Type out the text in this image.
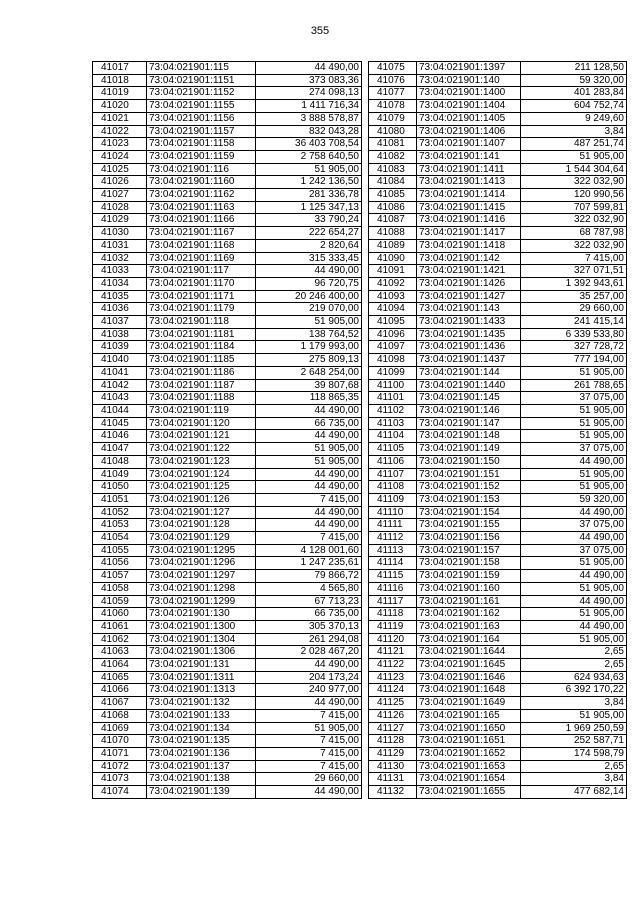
355
41017	73:04:021901:115	44 490,00
41018	73:04:021901:1151	373 083,36
41019	73:04:021901:1152	274 098,13
41020	73:04:021901:1155	1 411 716,34
41021	73:04:021901:1156	3 888 578,87
41022	73:04:021901:1157	832 043,28
41023	73:04:021901:1158	36 403 708,54
41024	73:04:021901:1159	2 758 640,50
41025	73:04:021901:116	51 905,00
41026	73:04:021901:1160	1 242 136,50
41027	73:04:021901:1162	281 336,78
41028	73:04:021901:1163	1 125 347,13
41029	73:04:021901:1166	33 790,24
41030	73:04:021901:1167	222 654,27
41031	73:04:021901:1168	2 820,64
41032	73:04:021901:1169	315 333,45
41033	73:04:021901:117	44 490,00
41034	73:04:021901:1170	96 720,75
41035	73:04:021901:1171	20 246 400,00
41036	73:04:021901:1179	219 070,00
41037	73:04:021901:118	51 905,00
41038	73:04:021901:1181	138 764,52
41039	73:04:021901:1184	1 179 993,00
41040	73:04:021901:1185	275 809,13
41041	73:04:021901:1186	2 648 254,00
41042	73:04:021901:1187	39 807,68
41043	73:04:021901:1188	118 865,35
41044	73:04:021901:119	44 490,00
41045	73:04:021901:120	66 735,00
41046	73:04:021901:121	44 490,00
41047	73:04:021901:122	51 905,00
41048	73:04:021901:123	51 905,00
41049	73:04:021901:124	44 490,00
41050	73:04:021901:125	44 490,00
41051	73:04:021901:126	7 415,00
41052	73:04:021901:127	44 490,00
41053	73:04:021901:128	44 490,00
41054	73:04:021901:129	7 415,00
41055	73:04:021901:1295	4 128 001,60
41056	73:04:021901:1296	1 247 235,61
41057	73:04:021901:1297	79 866,72
41058	73:04:021901:1298	4 565,80
41059	73:04:021901:1299	67 713,23
41060	73:04:021901:130	66 735,00
41061	73:04:021901:1300	305 370,13
41062	73:04:021901:1304	261 294,08
41063	73:04:021901:1306	2 028 467,20
41064	73:04:021901:131	44 490,00
41065	73:04:021901:1311	204 173,24
41066	73:04:021901:1313	240 977,00
41067	73:04:021901:132	44 490,00
41068	73:04:021901:133	7 415,00
41069	73:04:021901:134	51 905,00
41070	73:04:021901:135	7 415,00
41071	73:04:021901:136	7 415,00
41072	73:04:021901:137	7 415,00
41073	73:04:021901:138	29 660,00
41074	73:04:021901:139	44 490,00
41075	73:04:021901:1397	211 128,50
41076	73:04:021901:140	59 320,00
41077	73:04:021901:1400	401 283,84
41078	73:04:021901:1404	604 752,74
41079	73:04:021901:1405	9 249,60
41080	73:04:021901:1406	3,84
41081	73:04:021901:1407	487 251,74
41082	73:04:021901:141	51 905,00
41083	73:04:021901:1411	1 544 304,64
41084	73:04:021901:1413	322 032,90
41085	73:04:021901:1414	120 990,56
41086	73:04:021901:1415	707 599,81
41087	73:04:021901:1416	322 032,90
41088	73:04:021901:1417	68 787,98
41089	73:04:021901:1418	322 032,90
41090	73:04:021901:142	7 415,00
41091	73:04:021901:1421	327 071,51
41092	73:04:021901:1426	1 392 943,61
41093	73:04:021901:1427	35 257,00
41094	73:04:021901:143	29 660,00
41095	73:04:021901:1433	241 415,14
41096	73:04:021901:1435	6 339 533,80
41097	73:04:021901:1436	327 728,72
41098	73:04:021901:1437	777 194,00
41099	73:04:021901:144	51 905,00
41100	73:04:021901:1440	261 788,65
41101	73:04:021901:145	37 075,00
41102	73:04:021901:146	51 905,00
41103	73:04:021901:147	51 905,00
41104	73:04:021901:148	51 905,00
41105	73:04:021901:149	37 075,00
41106	73:04:021901:150	44 490,00
41107	73:04:021901:151	51 905,00
41108	73:04:021901:152	51 905,00
41109	73:04:021901:153	59 320,00
41110	73:04:021901:154	44 490,00
41111	73:04:021901:155	37 075,00
41112	73:04:021901:156	44 490,00
41113	73:04:021901:157	37 075,00
41114	73:04:021901:158	51 905,00
41115	73:04:021901:159	44 490,00
41116	73:04:021901:160	51 905,00
41117	73:04:021901:161	44 490,00
41118	73:04:021901:162	51 905,00
41119	73:04:021901:163	44 490,00
41120	73:04:021901:164	51 905,00
41121	73:04:021901:1644	2,65
41122	73:04:021901:1645	2,65
41123	73:04:021901:1646	624 934,63
41124	73:04:021901:1648	6 392 170,22
41125	73:04:021901:1649	3,84
41126	73:04:021901:165	51 905,00
41127	73:04:021901:1650	1 969 250,59
41128	73:04:021901:1651	252 587,71
41129	73:04:021901:1652	174 598,79
41130	73:04:021901:1653	2,65
41131	73:04:021901:1654	3,84
41132	73:04:021901:1655	477 682,14
